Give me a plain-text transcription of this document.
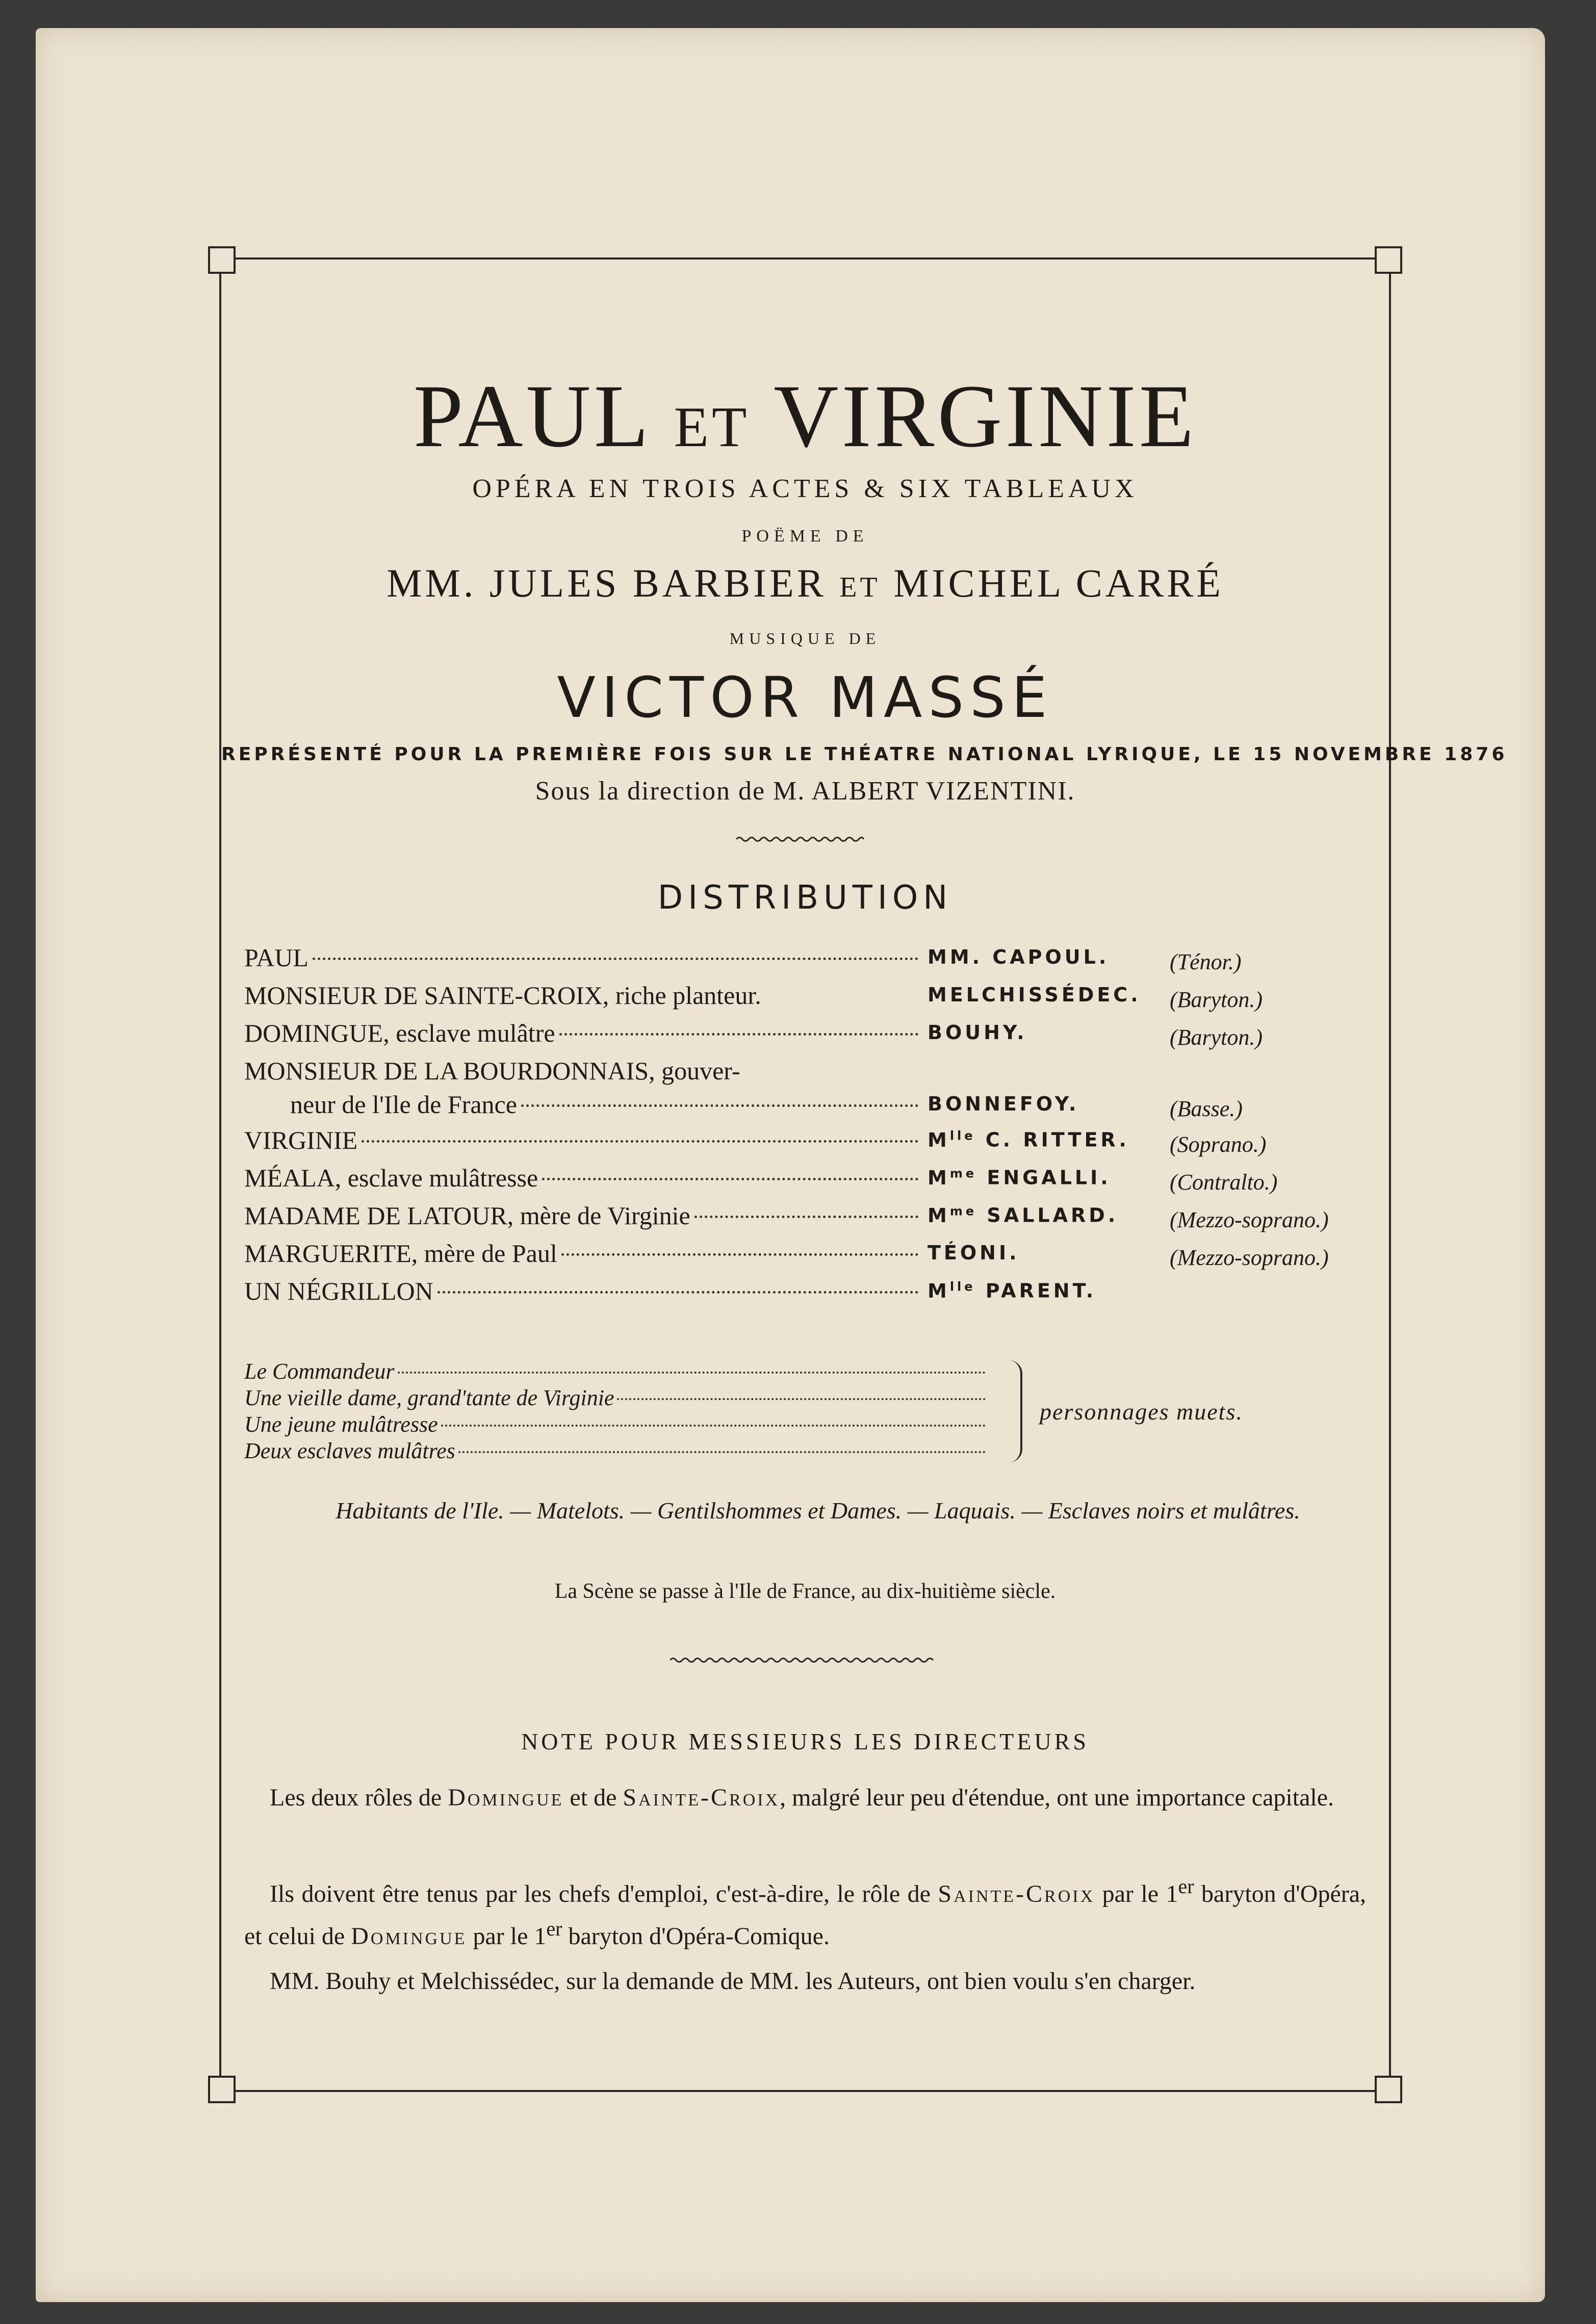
PAUL ET VIRGINIE
OPÉRA EN TROIS ACTES & SIX TABLEAUX
POËME DE
MM. JULES BARBIER ET MICHEL CARRÉ
MUSIQUE DE
VICTOR MASSÉ
REPRÉSENTÉ POUR LA PREMIÈRE FOIS SUR LE THÉATRE NATIONAL LYRIQUE, LE 15 NOVEMBRE 1876
Sous la direction de M. ALBERT VIZENTINI.
DISTRIBUTION
PAUL	MM. CAPOUL.	(Ténor.)
MONSIEUR DE SAINTE-CROIX, riche planteur.	MELCHISSÉDEC. (Baryton.)
DOMINGUE, esclave mulâtre	BOUHY.	(Baryton.)
MONSIEUR DE LA BOURDONNAIS, gouver-
neur de l'Ile de France	BONNEFOY.	(Basse.)
VIRGINIE	$M^{lle}$ C. RITTER. (Soprano.)
MÉALA, esclave mulâtresse	$M^{me}$ ENGALLI.	(Contralto.)
MADAME DE LATOUR, mère de Virginie	$M^{me}$ SALLARD. (Mezzo-soprano.)
MARGUERITE, mère de Paul	TÉONI.	(Mezzo-soprano.)
UN NÉGRILLON	$M^{lle}$ PARENT.
Le Commandeur
Une vieille dame, grand'tante de Virginie
Une jeune mulâtresse
Deux esclaves mulâtres
personnages muets.
Habitants de l'Ile. — Matelots. — Gentilshommes et Dames. — Laquais. — Esclaves noirs et mulâtres.
La Scène se passe à l'Ile de France, au dix-huitième siècle.
NOTE POUR MESSIEURS LES DIRECTEURS
Les deux rôles de Domingue et de Sainte-Croix, malgré leur peu d'étendue, ont une importance capitale.
Ils doivent être tenus par les chefs d'emploi, c'est-à-dire, le rôle de Sainte-Croix par le 1er baryton d'Opéra, et celui de Domingue par le 1er baryton d'Opéra-Comique.
MM. Bouhy et Melchissédec, sur la demande de MM. les Auteurs, ont bien voulu s'en charger.
